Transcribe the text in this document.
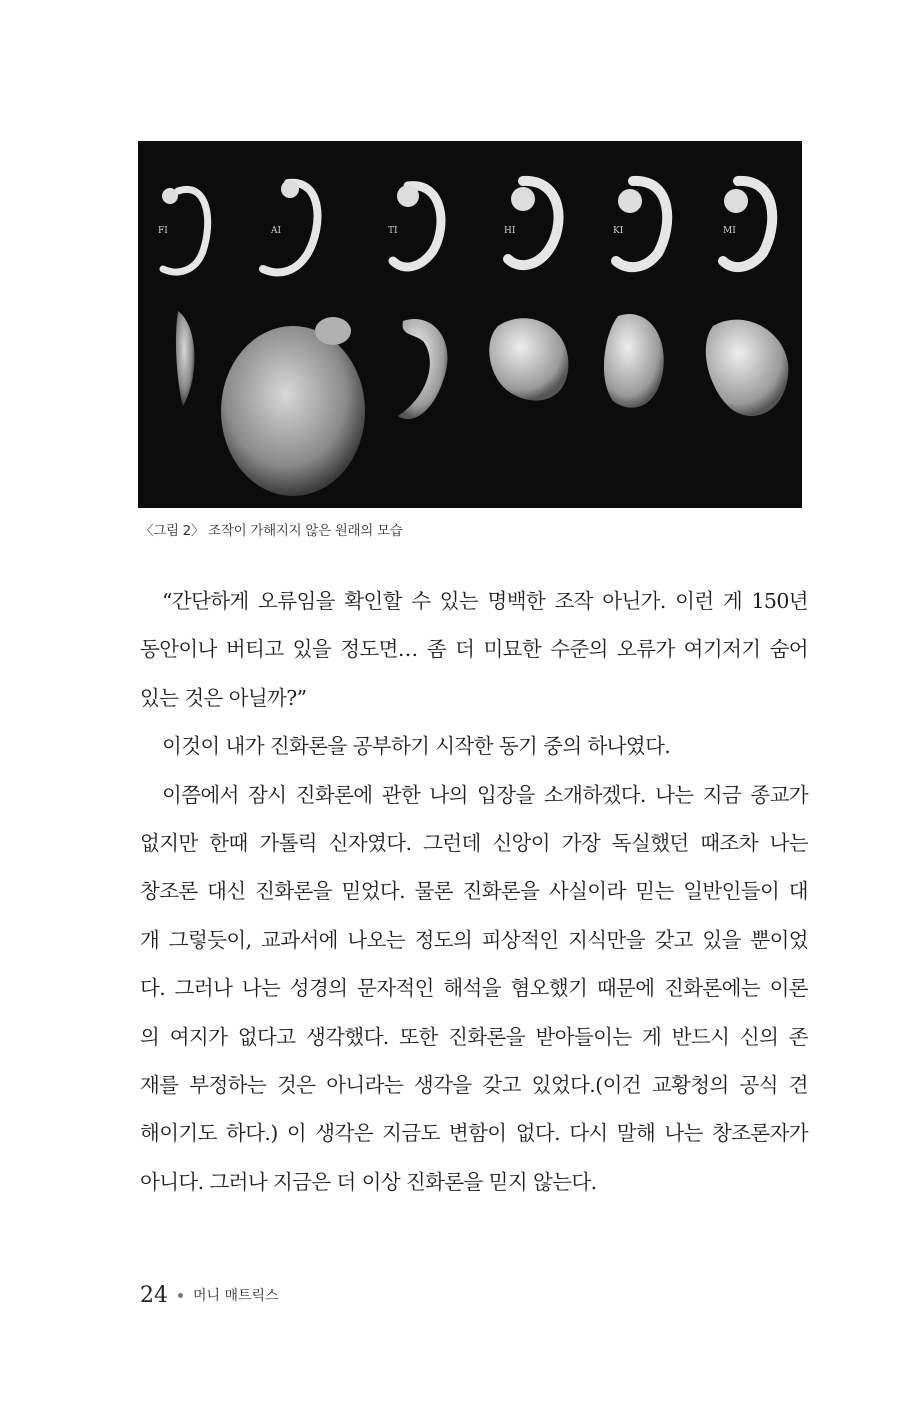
FI	AI	TI	HI	KI	MI
〈그림 2〉 조작이 가해지지 않은 원래의 모습
“간단하게 오류임을 확인할 수 있는 명백한 조작 아닌가. 이런 게 150년
동안이나 버티고 있을 정도면… 좀 더 미묘한 수준의 오류가 여기저기 숨어
있는 것은 아닐까?”
이것이 내가 진화론을 공부하기 시작한 동기 중의 하나였다.
이쯤에서 잠시 진화론에 관한 나의 입장을 소개하겠다. 나는 지금 종교가
없지만 한때 가톨릭 신자였다. 그런데 신앙이 가장 독실했던 때조차 나는
창조론 대신 진화론을 믿었다. 물론 진화론을 사실이라 믿는 일반인들이 대
개 그렇듯이, 교과서에 나오는 정도의 피상적인 지식만을 갖고 있을 뿐이었
다. 그러나 나는 성경의 문자적인 해석을 혐오했기 때문에 진화론에는 이론
의 여지가 없다고 생각했다. 또한 진화론을 받아들이는 게 반드시 신의 존
재를 부정하는 것은 아니라는 생각을 갖고 있었다.(이건 교황청의 공식 견
해이기도 하다.) 이 생각은 지금도 변함이 없다. 다시 말해 나는 창조론자가
아니다. 그러나 지금은 더 이상 진화론을 믿지 않는다.
24 머니 매트릭스
